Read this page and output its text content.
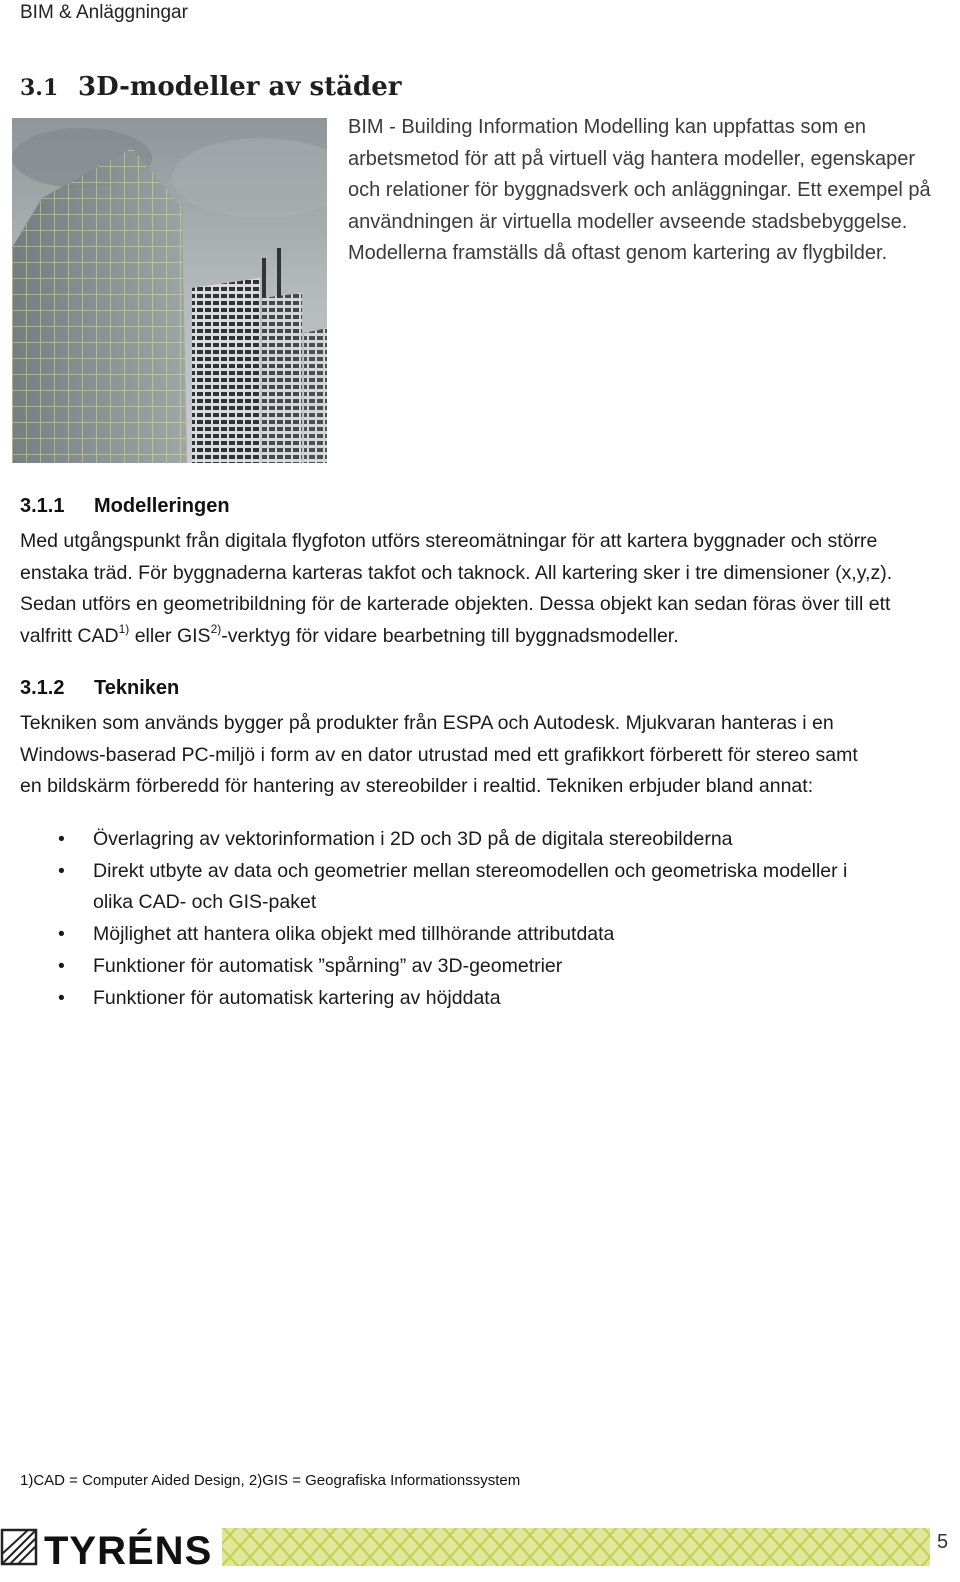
BIM & Anläggningar
3.1 3D-modeller av städer

BIM - Building Information Modelling kan uppfattas som en

arbetsmetod för att på virtuell väg hantera modeller, egenskaper

och relationer för byggnadsverk och anläggningar. Ett exempel på

användningen är virtuella modeller avseende stadsbebyggelse.

Modellerna framställs då oftast genom kartering av flygbilder.

3.1.1 Modelleringen

Med utgångspunkt från digitala flygfoton utförs stereomätningar för att kartera byggnader och större

enstaka träd. För byggnaderna karteras takfot och taknock. All kartering sker i tre dimensioner (x,y,z).

Sedan utförs en geometribildning för de karterade objekten. Dessa objekt kan sedan föras över till ett

valfritt CAD$^{1)}$ eller GIS$^{2)}$-verktyg för vidare bearbetning till byggnadsmodeller.

3.1.2 Tekniken

Tekniken som används bygger på produkter från ESPA och Autodesk. Mjukvaran hanteras i en

Windows-baserad PC-miljö i form av en dator utrustad med ett grafikkort förberett för stereo samt

en bildskärm förberedd för hantering av stereobilder i realtid. Tekniken erbjuder bland annat:

• Överlagring av vektorinformation i 2D och 3D på de digitala stereobilderna
• Direkt utbyte av data och geometrier mellan stereomodellen och geometriska modeller i
olika CAD- och GIS-paket
• Möjlighet att hantera olika objekt med tillhörande attributdata
• Funktioner för automatisk ”spårning” av 3D-geometrier
• Funktioner för automatisk kartering av höjddata
1)CAD = Computer Aided Design, 2)GIS = Geografiska Informationssystem
TYRÉNS	5
